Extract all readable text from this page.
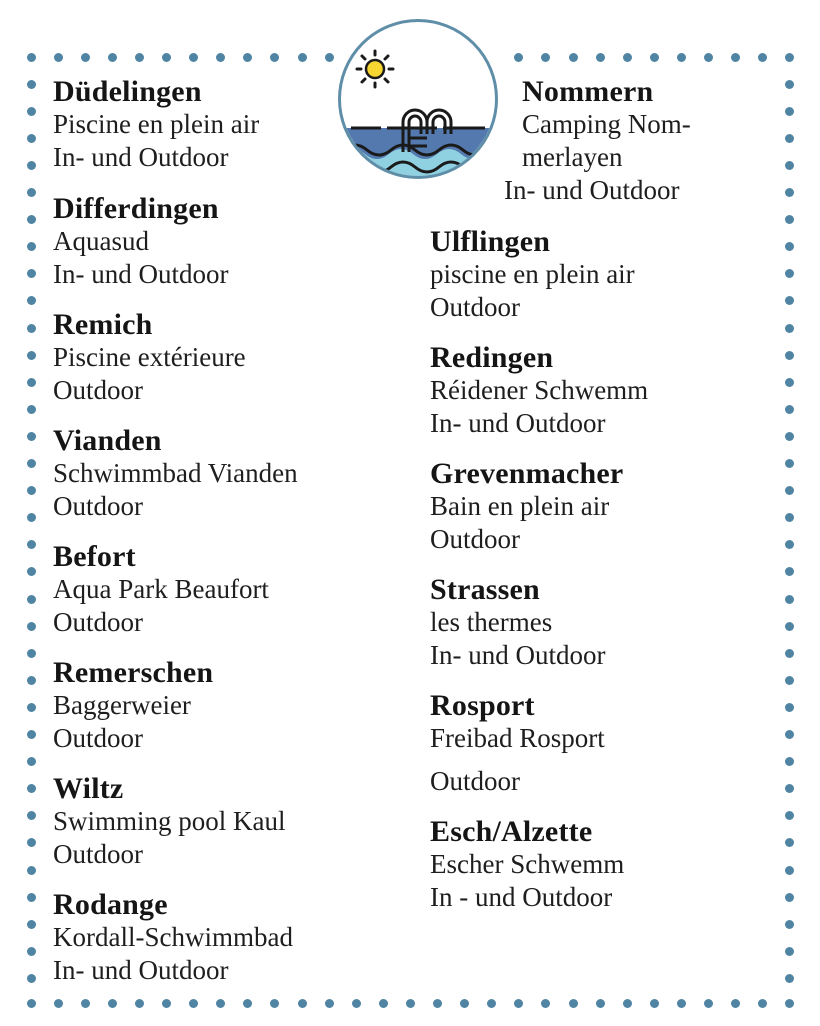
Düdelingen
Piscine en plein air
In- und Outdoor
Differdingen
Aquasud
In- und Outdoor
Remich
Piscine extérieure
Outdoor
Vianden
Schwimmbad Vianden
Outdoor
Befort
Aqua Park Beaufort
Outdoor
Remerschen
Baggerweier
Outdoor
Wiltz
Swimming pool Kaul
Outdoor
Rodange
Kordall-Schwimmbad
In- und Outdoor
Nommern
Camping Nom-
merlayen
In- und Outdoor
Ulflingen
piscine en plein air
Outdoor
Redingen
Réidener Schwemm
In- und Outdoor
Grevenmacher
Bain en plein air
Outdoor
Strassen
les thermes
In- und Outdoor
Rosport
Freibad Rosport
Outdoor
Esch/Alzette
Escher Schwemm
In - und Outdoor
